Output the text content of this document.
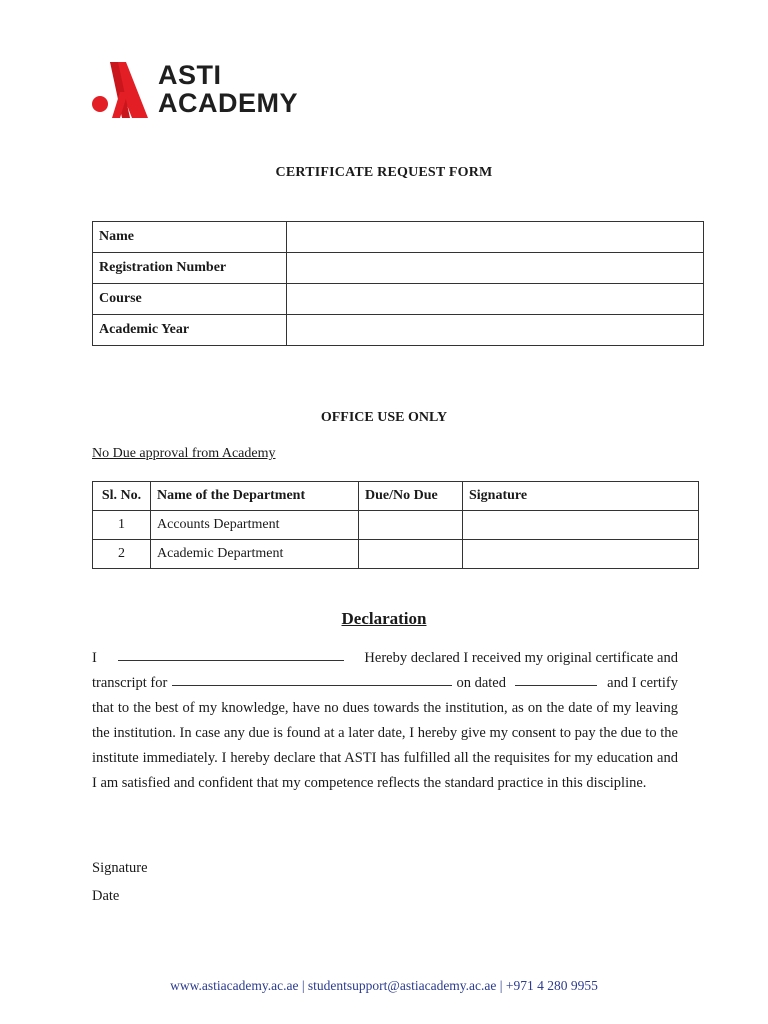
ASTI
ACADEMY
CERTIFICATE REQUEST FORM
Name	
Registration Number	
Course	
Academic Year	
OFFICE USE ONLY
No Due approval from Academy
Sl. No.	Name of the Department	Due/No Due	Signature
1	Accounts Department		
2	Academic Department		
Declaration
I	Hereby declared I received my original certificate and
transcript for	on dated	and I certify
that to the best of my knowledge, have no dues towards the institution, as on the date of my leaving the institution. In case any due is found at a later date, I hereby give my consent to pay the due to the institute immediately. I hereby declare that ASTI has fulfilled all the requisites for my education and I am satisfied and confident that my competence reflects the standard practice in this discipline.
Signature
Date
www.astiacademy.ac.ae | studentsupport@astiacademy.ac.ae | +971 4 280 9955
